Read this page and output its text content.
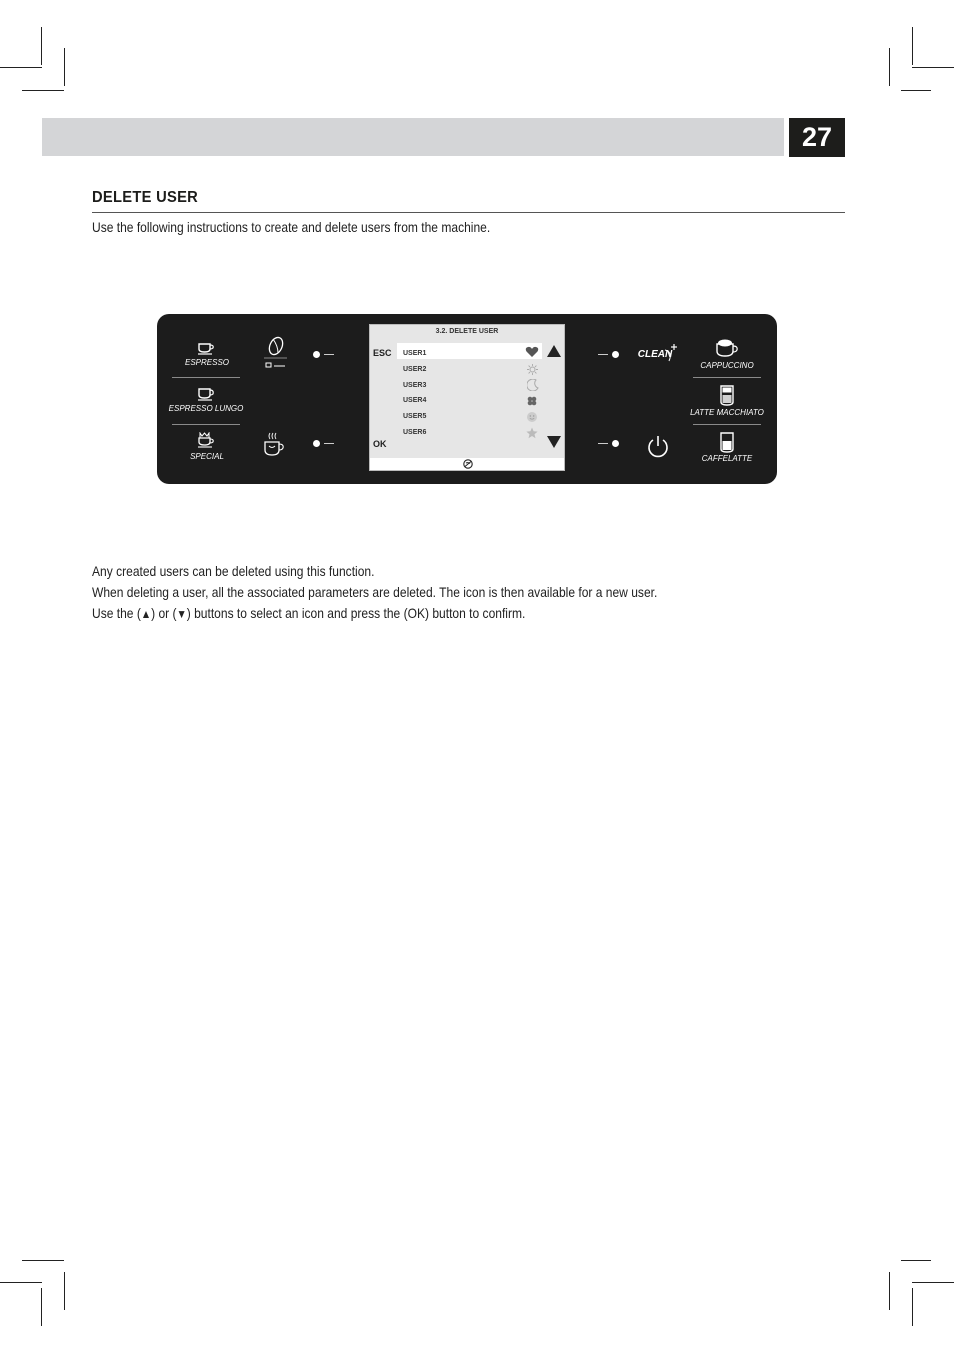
27
DELETE USER
Use the following instructions to create and delete users from the machine.
ESPRESSO
ESPRESSO LUNGO
SPECIAL
CLEAN
CAPPUCCINO
LATTE MACCHIATO
CAFFELATTE
3.2. DELETE USER
ESC
OK
USER1
USER2
USER3
USER4
USER5
USER6
Any created users can be deleted using this function.
When deleting a user, all the associated parameters are deleted. The icon is then available for a new user.
Use the (▲) or (▼) buttons to select an icon and press the (OK) button to confirm.
